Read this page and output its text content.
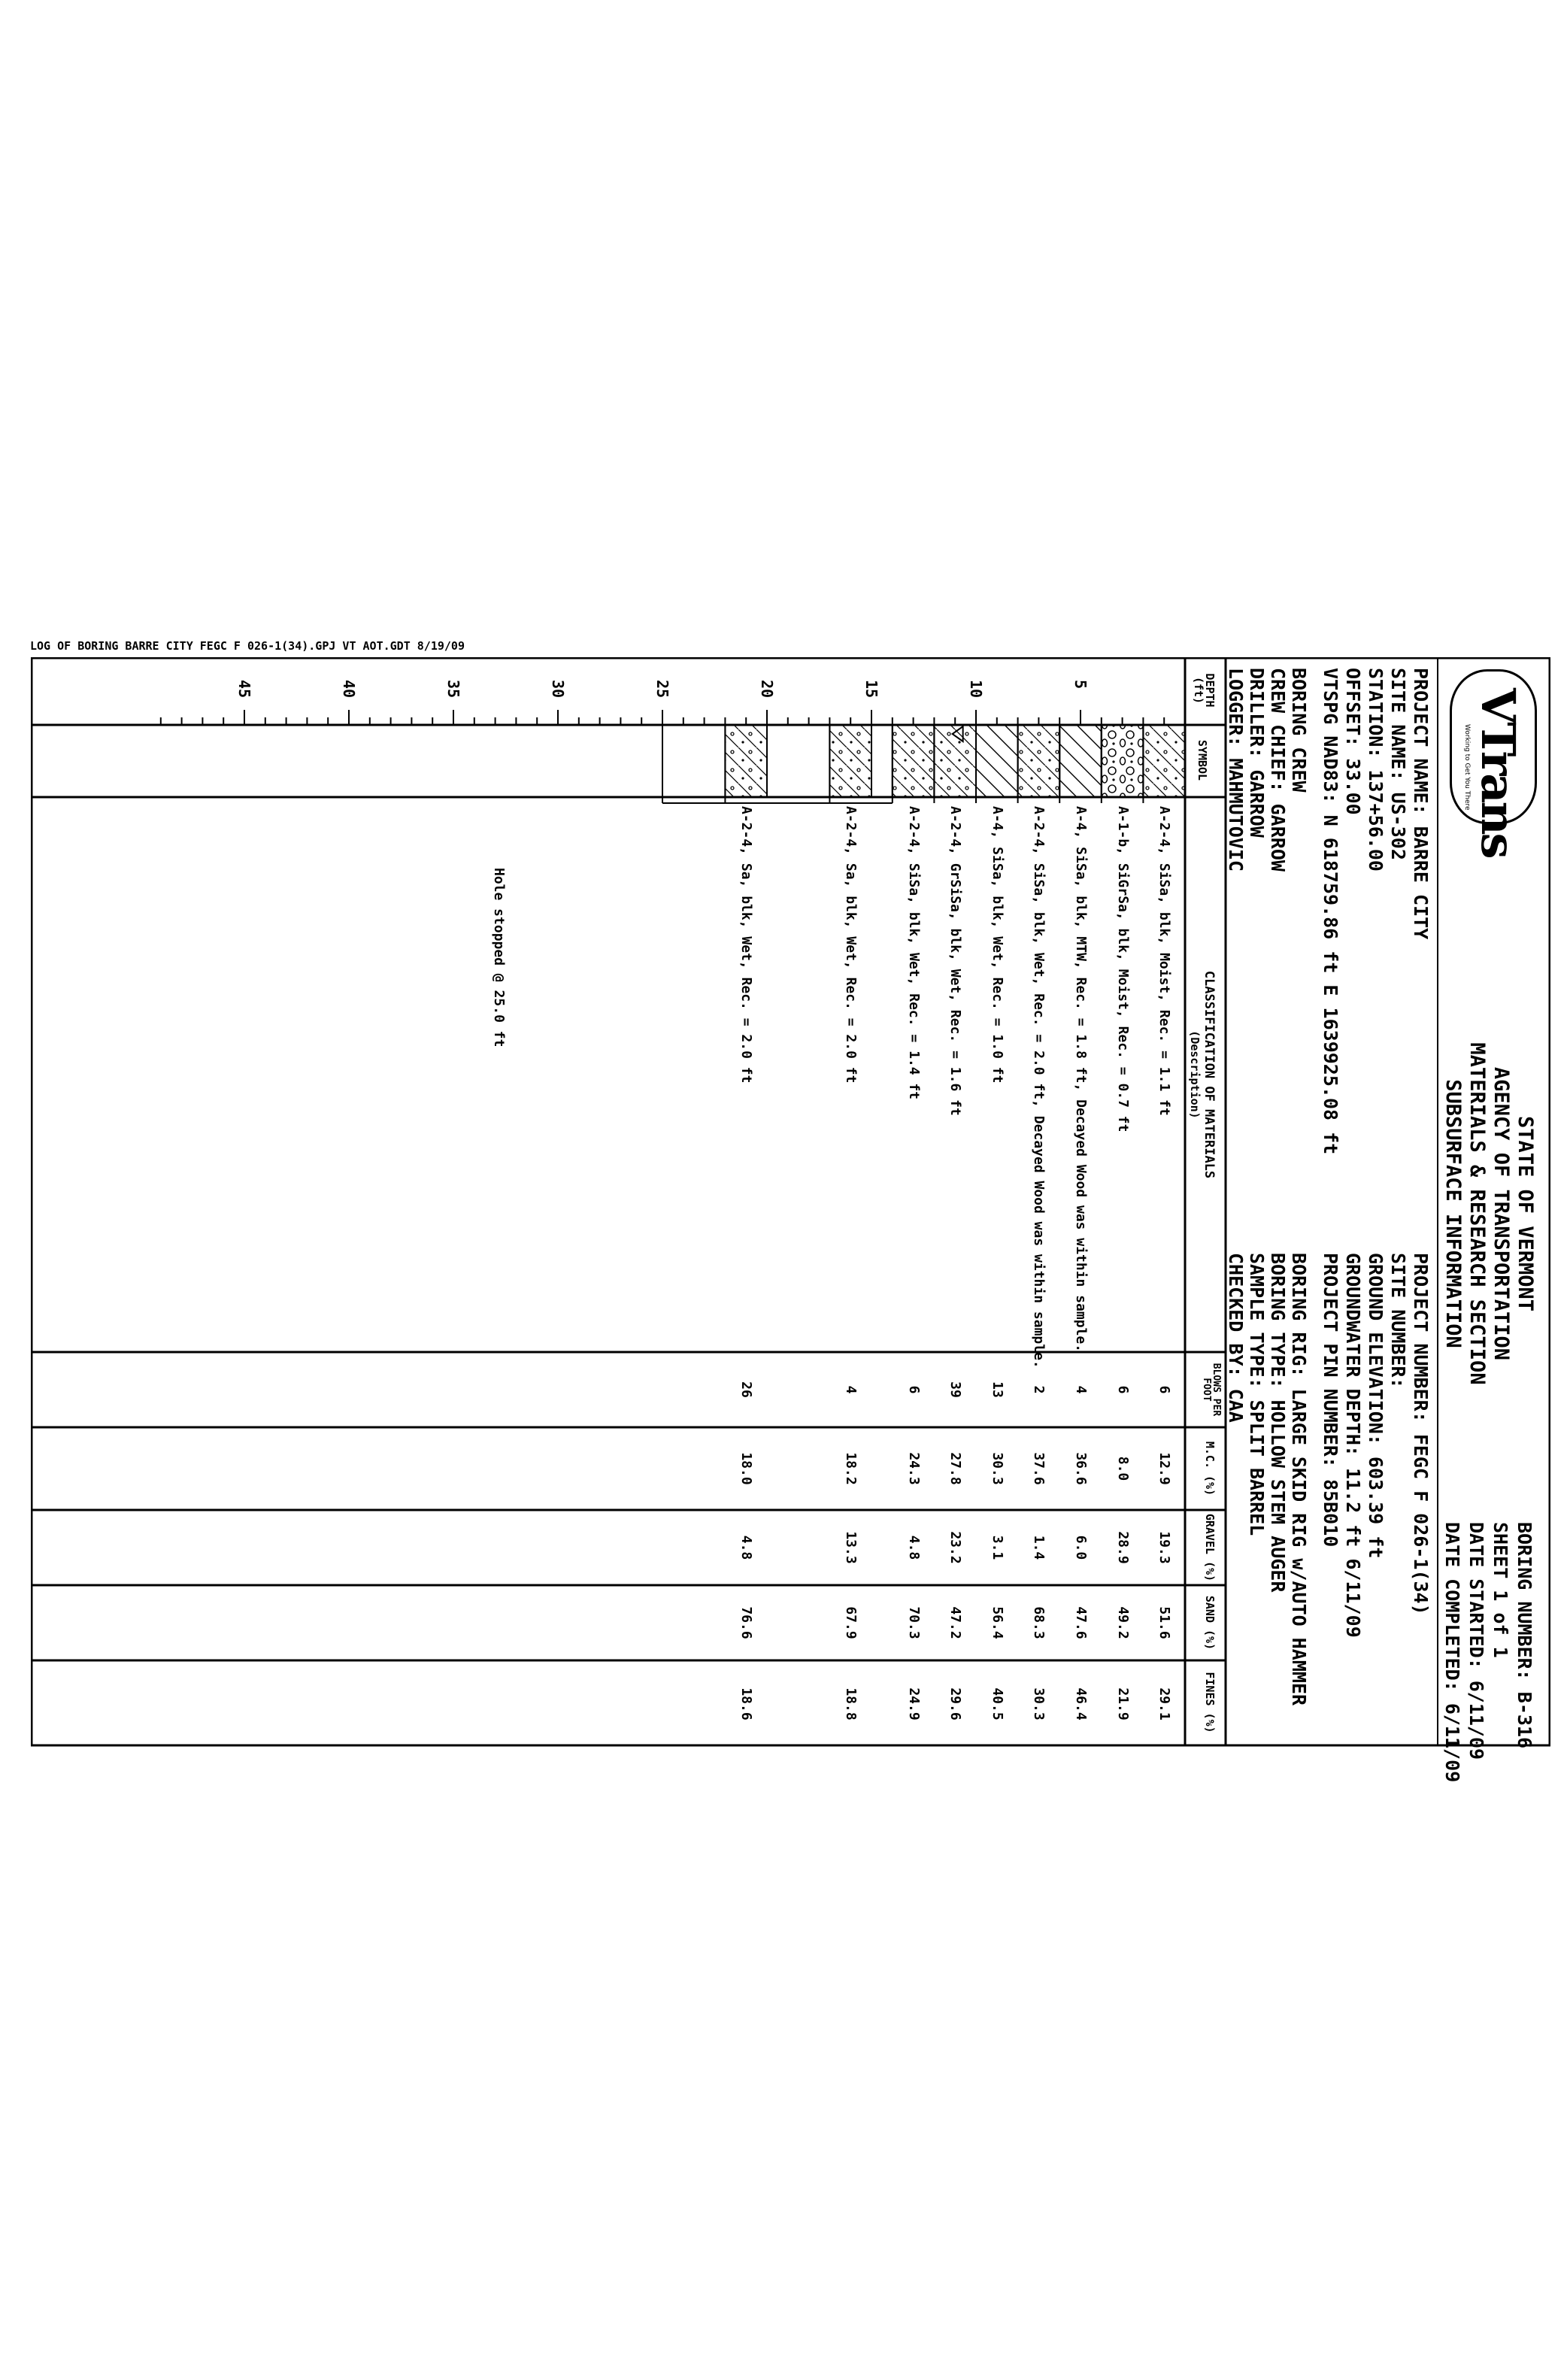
LOG OF BORING BARRE CITY FEGC F 026-1(34).GPJ VT AOT.GDT 8/19/09
VTrans
Working to Get You There
STATE OF VERMONT
AGENCY OF TRANSPORTATION
MATERIALS & RESEARCH SECTION
SUBSURFACE INFORMATION
BORING NUMBER: B-316
SHEET 1 of 1
DATE STARTED: 6/11/09
DATE COMPLETED: 6/11/09
PROJECT NAME: BARRE CITY
SITE NAME: US-302
STATION: 137+56.00
OFFSET: 33.00
VTSPG NAD83: N 618759.86 ft E 1639925.08 ft
BORING CREW
CREW CHIEF: GARROW
DRILLER: GARROW
LOGGER: MAHMUTOVIC
PROJECT NUMBER: FEGC F 026-1(34)
SITE NUMBER:
GROUND ELEVATION: 603.39 ft
GROUNDWATER DEPTH: 11.2 ft 6/11/09
PROJECT PIN NUMBER: 85B010
BORING RIG: LARGE SKID RIG w/AUTO HAMMER
BORING TYPE: HOLLOW STEM AUGER
SAMPLE TYPE: SPLIT BARREL
CHECKED BY: CAA
DEPTH (ft)
SYMBOL
CLASSIFICATION OF MATERIALS
(Description)
BLOWS PER FOOT
M.C. (%)
GRAVEL (%)
SAND (%)
FINES (%)
5
10
15
20
25
30
35
40
45
A-2-4, SiSa, blk, Moist, Rec. = 1.1 ft
6
12.9
19.3
51.6
29.1
A-1-b, SiGrSa, blk, Moist, Rec. = 0.7 ft
6
8.0
28.9
49.2
21.9
A-4, SiSa, blk, MTW, Rec. = 1.8 ft, Decayed Wood was within sample.
4
36.6
6.0
47.6
46.4
A-2-4, SiSa, blk, Wet, Rec. = 2.0 ft, Decayed Wood was within sample.
2
37.6
1.4
68.3
30.3
A-4, SiSa, blk, Wet, Rec. = 1.0 ft
13
30.3
3.1
56.4
40.5
A-2-4, GrSiSa, blk, Wet, Rec. = 1.6 ft
39
27.8
23.2
47.2
29.6
A-2-4, SiSa, blk, Wet, Rec. = 1.4 ft
6
24.3
4.8
70.3
24.9
A-2-4, Sa, blk, Wet, Rec. = 2.0 ft
4
18.2
13.3
67.9
18.8
A-2-4, Sa, blk, Wet, Rec. = 2.0 ft
26
18.0
4.8
76.6
18.6
Hole stopped @ 25.0 ft
